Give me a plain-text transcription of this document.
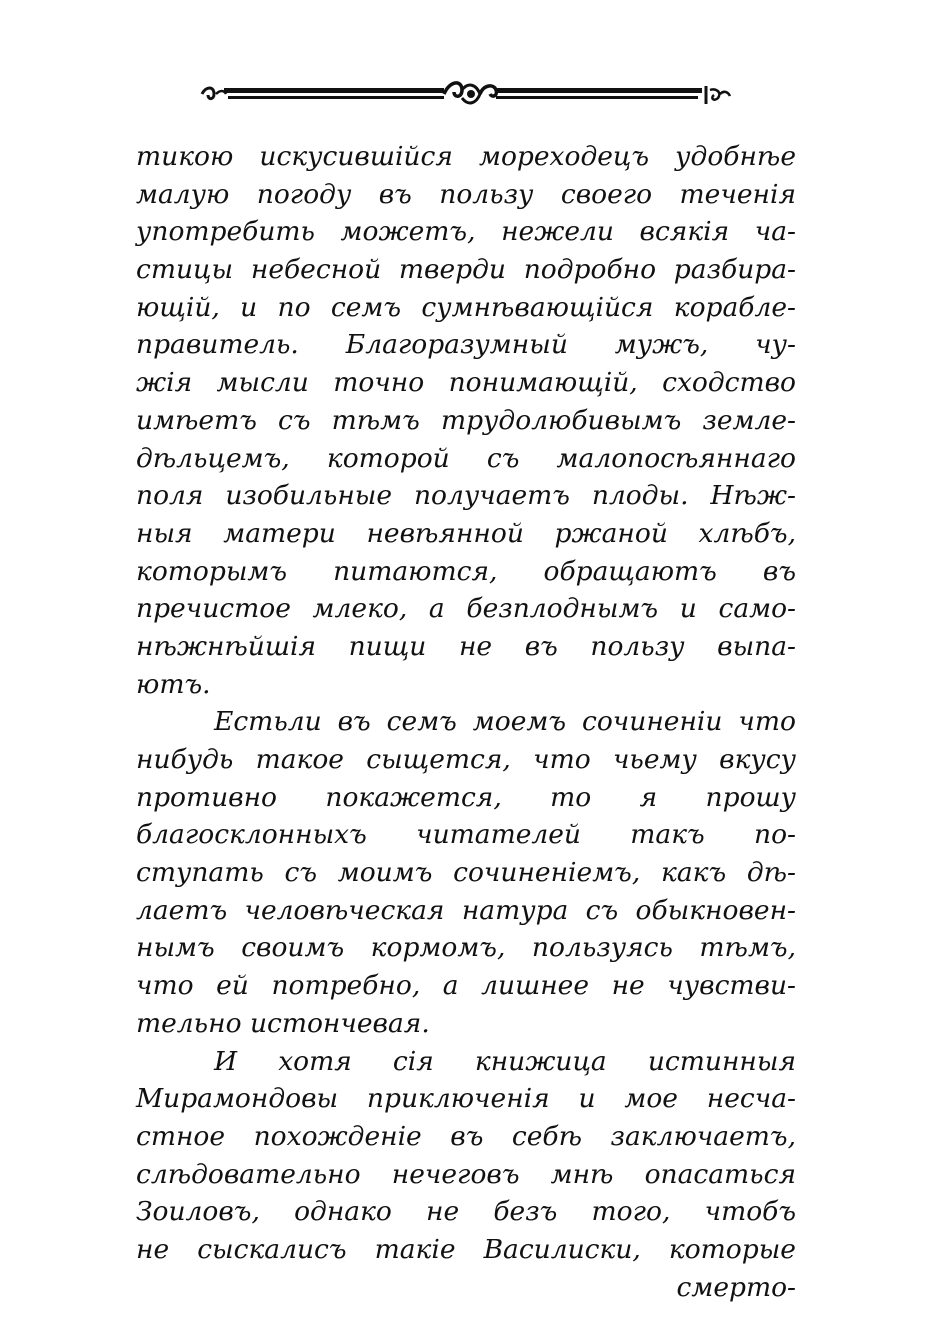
тикою искусившійся мореходецъ удобнѣе
малую погоду въ пользу своего теченія
употребить можетъ, нежели всякія ча-
стицы небесной тверди подробно разбира-
ющій, и по семъ сумнѣвающійся корабле-
правитель. Благоразумный мужъ, чу-
жія мысли точно понимающій, сходство
имѣетъ съ тѣмъ трудолюбивымъ земле-
дѣльцемъ, которой съ малопосѣяннаго
поля изобильные получаетъ плоды. Нѣж-
ныя матери невѣянной ржаной хлѣбъ,
которымъ питаются, обращаютъ въ
пречистое млеко, а безплоднымъ и само-
нѣжнѣйшія пищи не въ пользу выпа-
ютъ.
Естьли въ семъ моемъ сочиненіи что
нибудь такое сыщется, что чьему вкусу
противно покажется, то я прошу
благосклонныхъ читателей такъ по-
ступать съ моимъ сочиненіемъ, какъ дѣ-
лаетъ человѣческая натура съ обыкновен-
нымъ своимъ кормомъ, пользуясь тѣмъ,
что ей потребно, а лишнее не чувстви-
тельно истончевая.
И хотя сія книжица истинныя
Мирамондовы приключенія и мое несча-
стное похожденіе въ себѣ заключаетъ,
слѣдовательно нечеговъ мнѣ опасаться
Зоиловъ, однако не безъ того, чтобъ
не сыскалисъ такіе Василиски, которые
смерто-
